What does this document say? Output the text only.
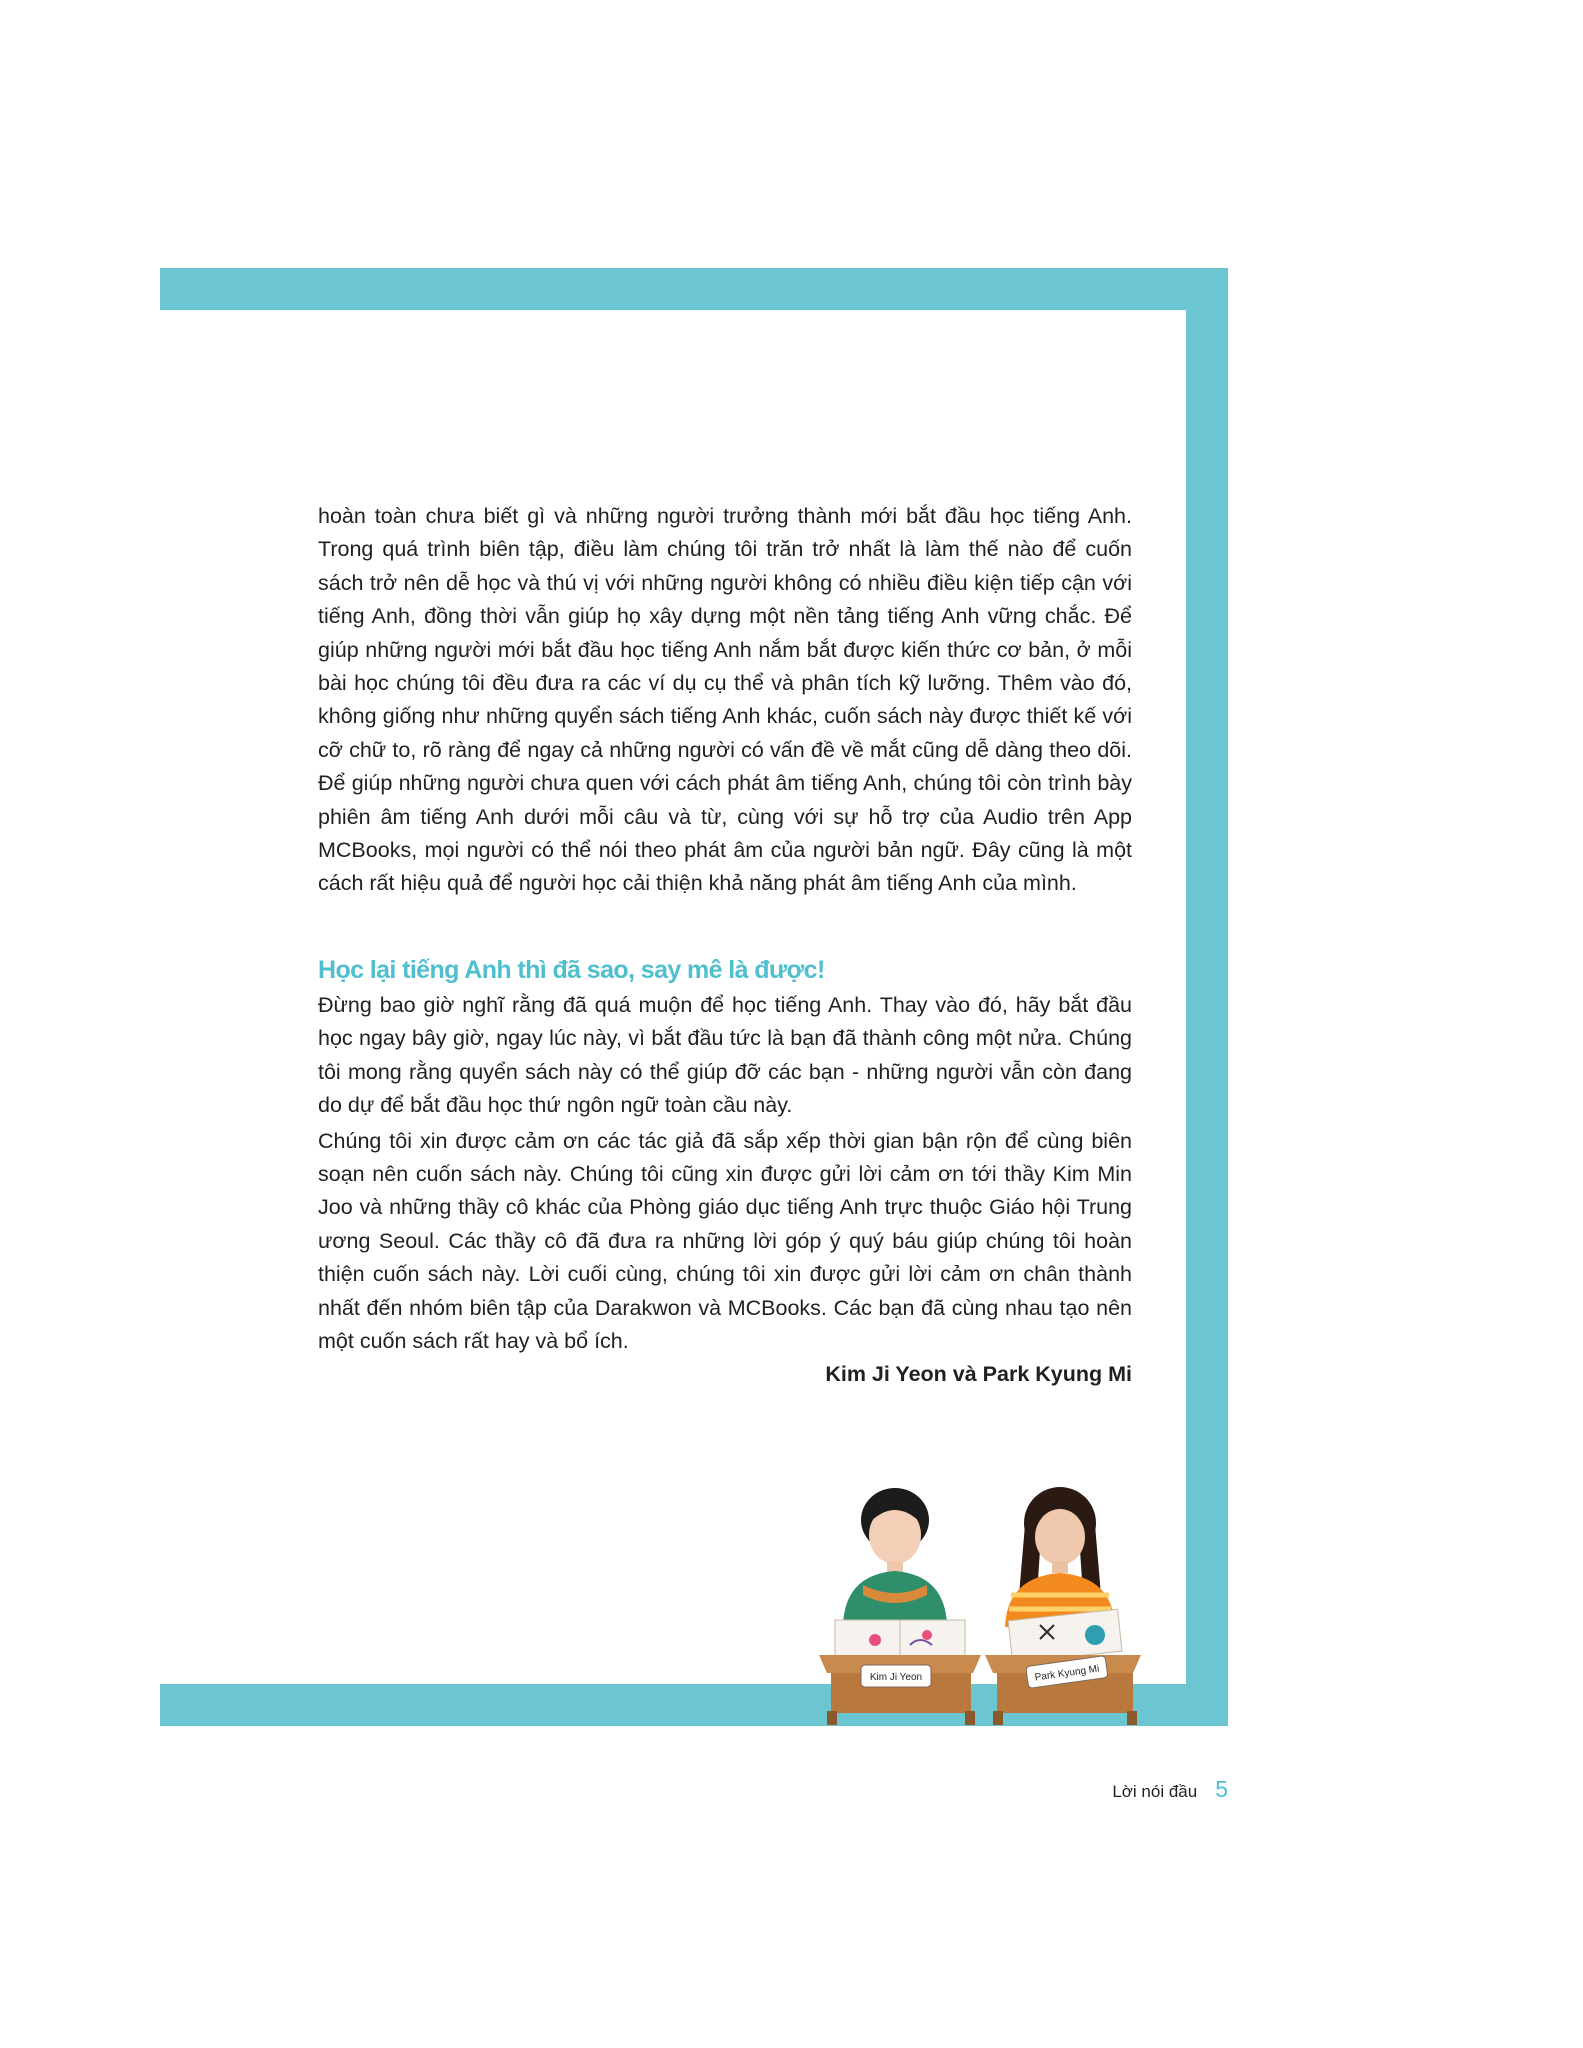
hoàn toàn chưa biết gì và những người trưởng thành mới bắt đầu học tiếng Anh. Trong quá trình biên tập, điều làm chúng tôi trăn trở nhất là làm thế nào để cuốn sách trở nên dễ học và thú vị với những người không có nhiều điều kiện tiếp cận với tiếng Anh, đồng thời vẫn giúp họ xây dựng một nền tảng tiếng Anh vững chắc. Để giúp những người mới bắt đầu học tiếng Anh nắm bắt được kiến thức cơ bản, ở mỗi bài học chúng tôi đều đưa ra các ví dụ cụ thể và phân tích kỹ lưỡng. Thêm vào đó, không giống như những quyển sách tiếng Anh khác, cuốn sách này được thiết kế với cỡ chữ to, rõ ràng để ngay cả những người có vấn đề về mắt cũng dễ dàng theo dõi. Để giúp những người chưa quen với cách phát âm tiếng Anh, chúng tôi còn trình bày phiên âm tiếng Anh dưới mỗi câu và từ, cùng với sự hỗ trợ của Audio trên App MCBooks, mọi người có thể nói theo phát âm của người bản ngữ. Đây cũng là một cách rất hiệu quả để người học cải thiện khả năng phát âm tiếng Anh của mình.

Học lại tiếng Anh thì đã sao, say mê là được!

Đừng bao giờ nghĩ rằng đã quá muộn để học tiếng Anh. Thay vào đó, hãy bắt đầu học ngay bây giờ, ngay lúc này, vì bắt đầu tức là bạn đã thành công một nửa. Chúng tôi mong rằng quyển sách này có thể giúp đỡ các bạn - những người vẫn còn đang do dự để bắt đầu học thứ ngôn ngữ toàn cầu này.

Chúng tôi xin được cảm ơn các tác giả đã sắp xếp thời gian bận rộn để cùng biên soạn nên cuốn sách này. Chúng tôi cũng xin được gửi lời cảm ơn tới thầy Kim Min Joo và những thầy cô khác của Phòng giáo dục tiếng Anh trực thuộc Giáo hội Trung ương Seoul. Các thầy cô đã đưa ra những lời góp ý quý báu giúp chúng tôi hoàn thiện cuốn sách này. Lời cuối cùng, chúng tôi xin được gửi lời cảm ơn chân thành nhất đến nhóm biên tập của Darakwon và MCBooks. Các bạn đã cùng nhau tạo nên một cuốn sách rất hay và bổ ích.

Kim Ji Yeon và Park Kyung Mi

Kim Ji Yeon	Park Kyung Mi
Lời nói đầu 5
